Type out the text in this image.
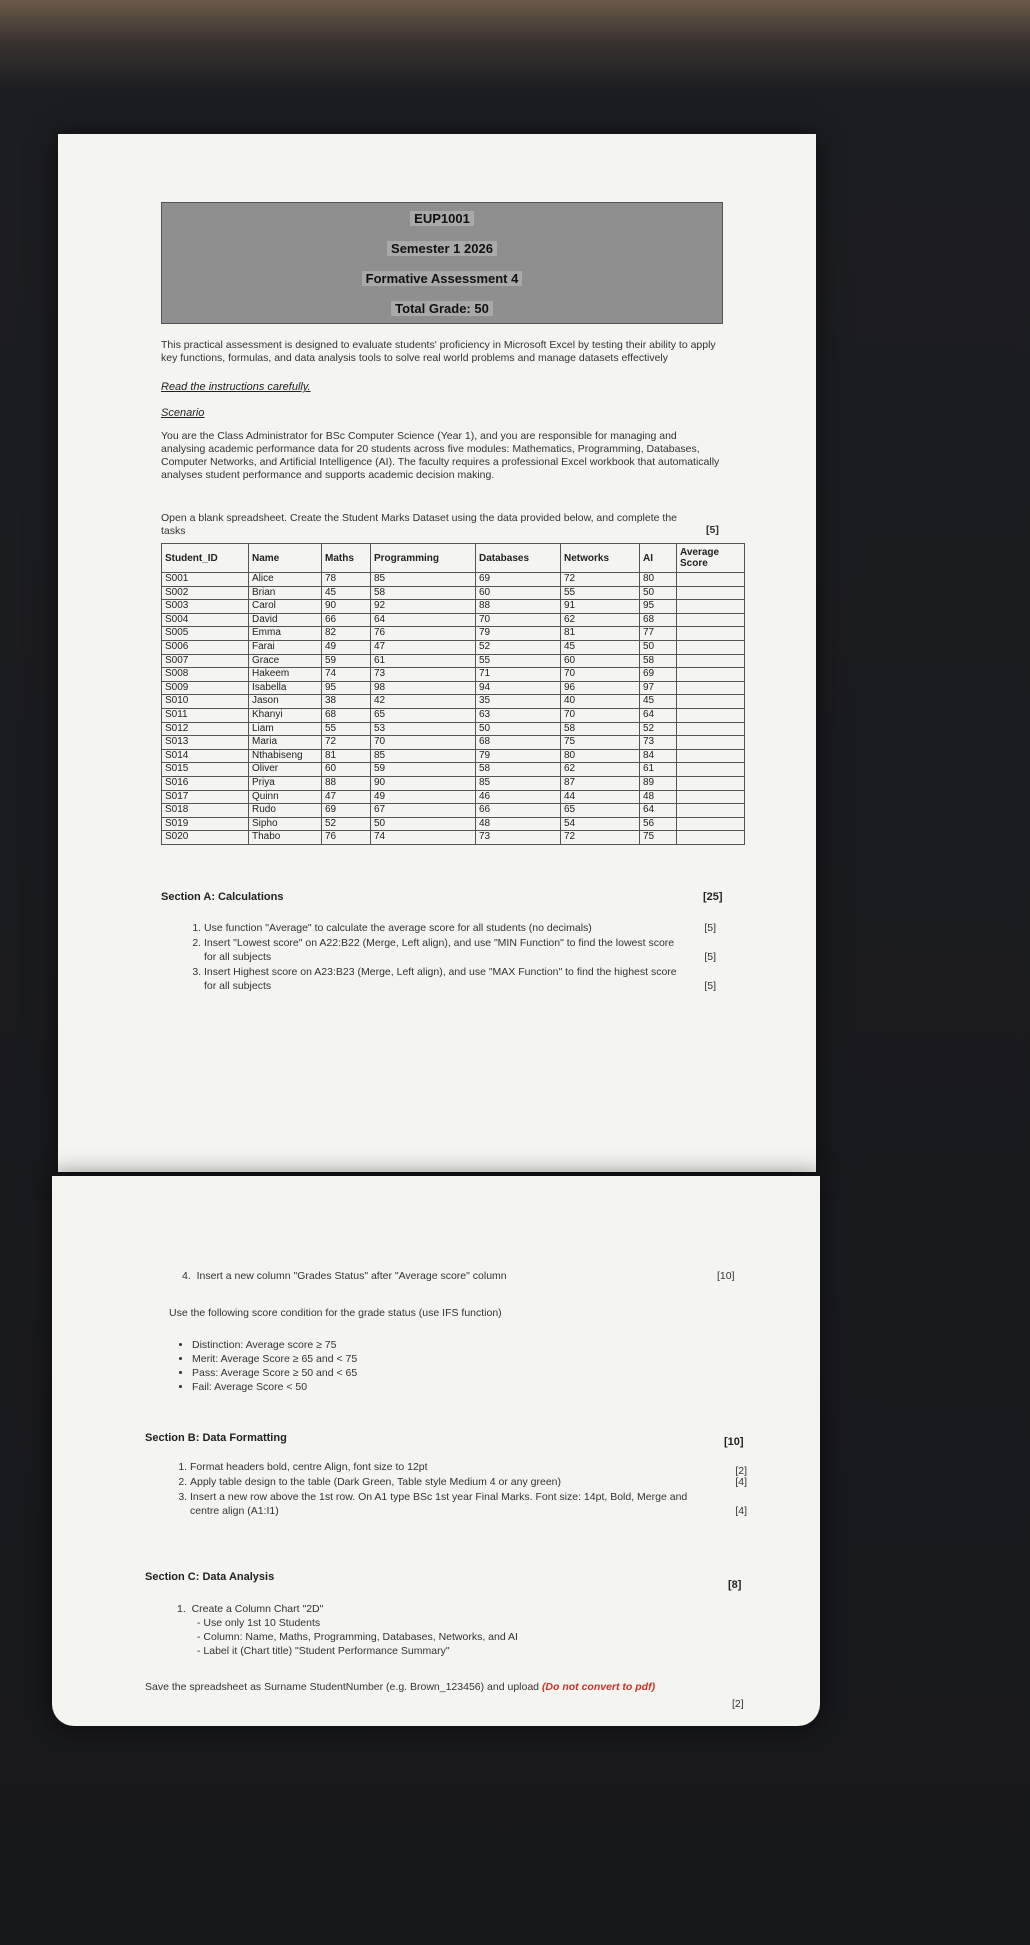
EUP1001
Semester 1 2026
Formative Assessment 4
Total Grade: 50
This practical assessment is designed to evaluate students' proficiency in Microsoft Excel by testing their ability to apply key functions, formulas, and data analysis tools to solve real world problems and manage datasets effectively
Read the instructions carefully.
Scenario
You are the Class Administrator for BSc Computer Science (Year 1), and you are responsible for managing and analysing academic performance data for 20 students across five modules: Mathematics, Programming, Databases, Computer Networks, and Artificial Intelligence (AI). The faculty requires a professional Excel workbook that automatically analyses student performance and supports academic decision making.
Open a blank spreadsheet. Create the Student Marks Dataset using the data provided below, and complete the tasks	[5]
Student_ID	Name	Maths	Programming	Databases	Networks	AI	Average Score
S001	Alice	78	85	69	72	80	
S002	Brian	45	58	60	55	50	
S003	Carol	90	92	88	91	95	
S004	David	66	64	70	62	68	
S005	Emma	82	76	79	81	77	
S006	Farai	49	47	52	45	50	
S007	Grace	59	61	55	60	58	
S008	Hakeem	74	73	71	70	69	
S009	Isabella	95	98	94	96	97	
S010	Jason	38	42	35	40	45	
S011	Khanyi	68	65	63	70	64	
S012	Liam	55	53	50	58	52	
S013	Maria	72	70	68	75	73	
S014	Nthabiseng	81	85	79	80	84	
S015	Oliver	60	59	58	62	61	
S016	Priya	88	90	85	87	89	
S017	Quinn	47	49	46	44	48	
S018	Rudo	69	67	66	65	64	
S019	Sipho	52	50	48	54	56	
S020	Thabo	76	74	73	72	75	
Section A: Calculations	[25]
1. Use function "Average" to calculate the average score for all students (no decimals)	[5]
2. Insert "Lowest score" on A22:B22 (Merge, Left align), and use "MIN Function" to find the lowest score for all subjects	[5]
3. Insert Highest score on A23:B23 (Merge, Left align), and use "MAX Function" to find the highest score for all subjects	[5]
4.  Insert a new column "Grades Status" after "Average score" column	[10]
Use the following score condition for the grade status (use IFS function)
• Distinction: Average score ≥ 75
• Merit: Average Score ≥ 65 and < 75
• Pass: Average Score ≥ 50 and < 65
• Fail: Average Score < 50
Section B: Data Formatting	[10]
1. Format headers bold, centre Align, font size to 12pt	[2]
2. Apply table design to the table (Dark Green, Table style Medium 4 or any green)	[4]
3. Insert a new row above the 1st row. On A1 type BSc 1st year Final Marks. Font size: 14pt, Bold, Merge and centre align (A1:I1)	[4]
Section C: Data Analysis
[8]
1.  Create a Column Chart "2D"
- Use only 1st 10 Students
- Column: Name, Maths, Programming, Databases, Networks, and AI
- Label it (Chart title) "Student Performance Summary"
Save the spreadsheet as Surname StudentNumber (e.g. Brown_123456) and upload (Do not convert to pdf)
[2]
